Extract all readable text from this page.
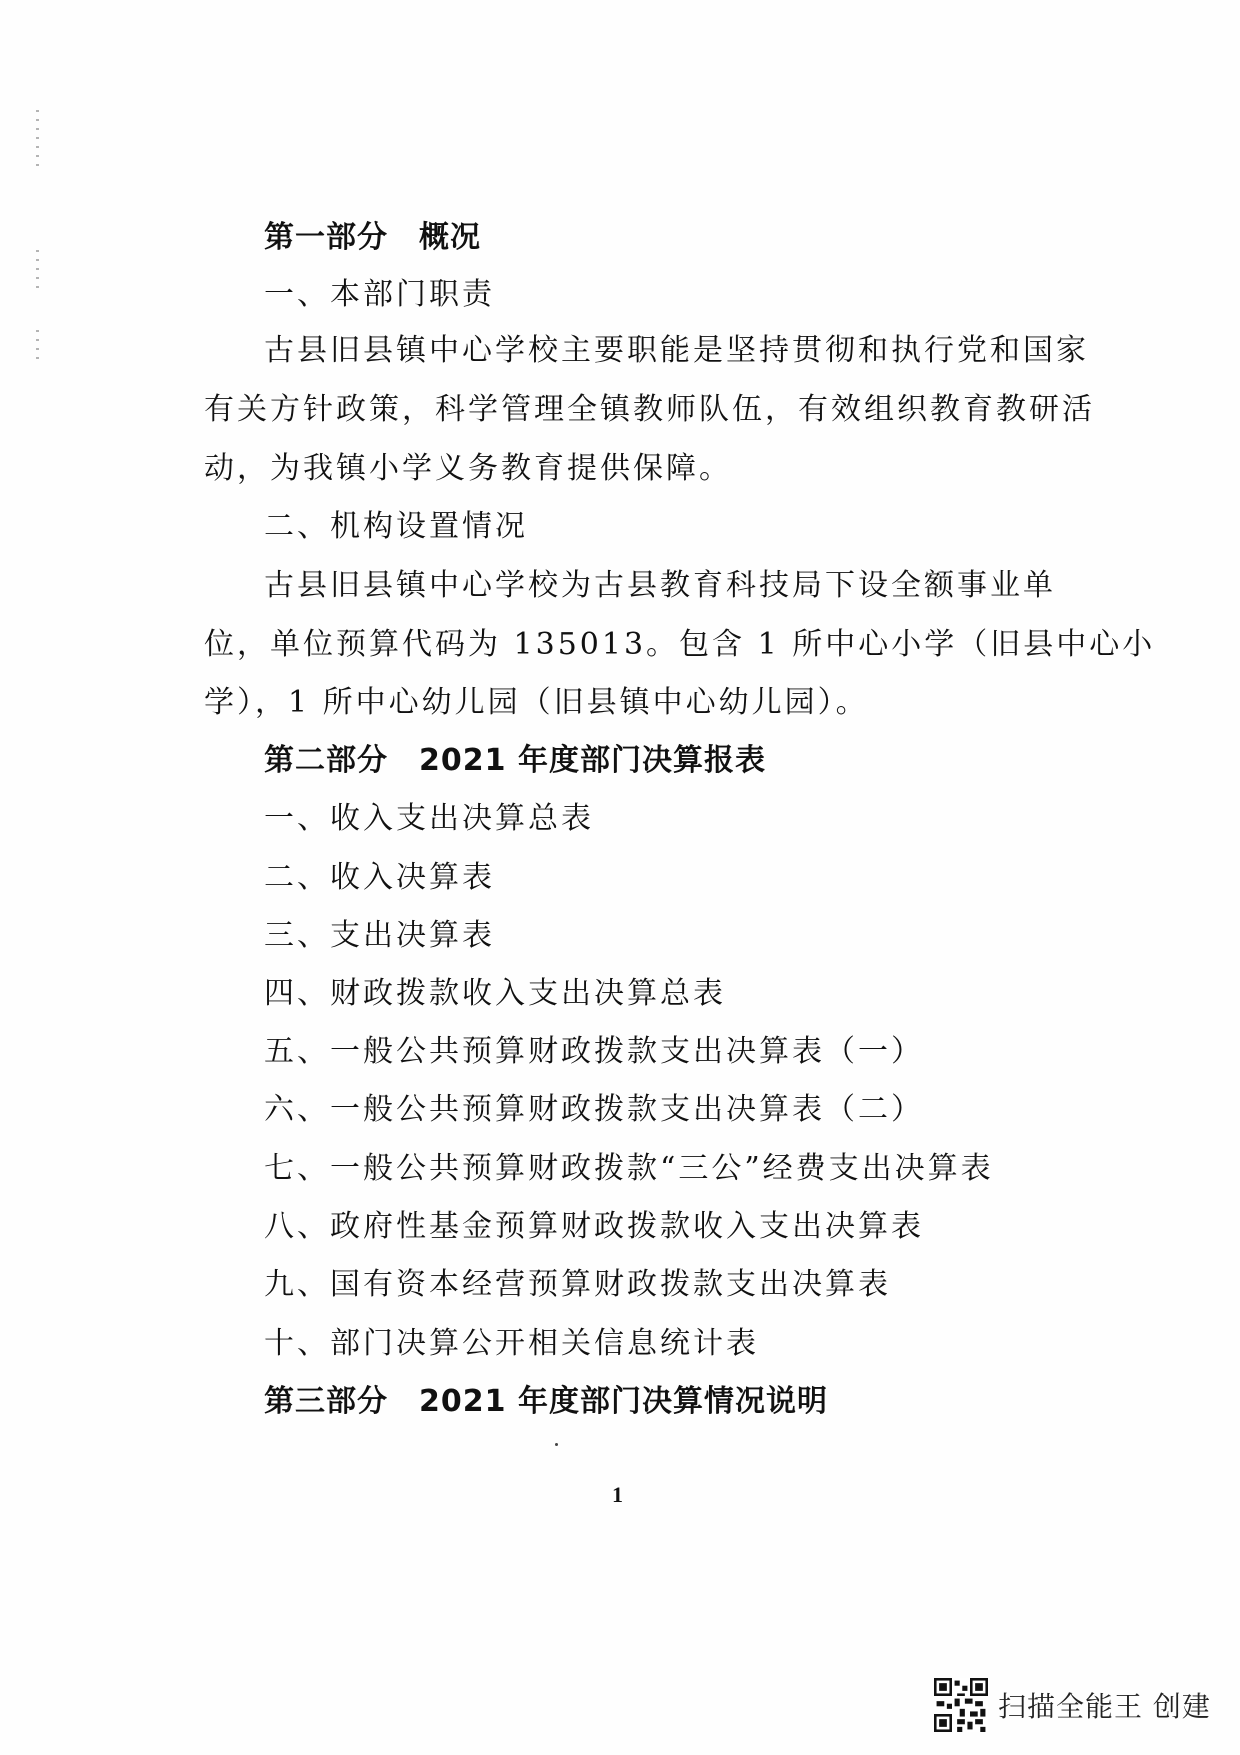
第一部分　概况
一、本部门职责
古县旧县镇中心学校主要职能是坚持贯彻和执行党和国家
有关方针政策，科学管理全镇教师队伍，有效组织教育教研活
动，为我镇小学义务教育提供保障。
二、机构设置情况
古县旧县镇中心学校为古县教育科技局下设全额事业单
位，单位预算代码为 135013。包含 1 所中心小学（旧县中心小
学），1 所中心幼儿园（旧县镇中心幼儿园）。
第二部分　2021 年度部门决算报表
一、收入支出决算总表
二、收入决算表
三、支出决算表
四、财政拨款收入支出决算总表
五、一般公共预算财政拨款支出决算表（一）
六、一般公共预算财政拨款支出决算表（二）
七、一般公共预算财政拨款“三公”经费支出决算表
八、政府性基金预算财政拨款收入支出决算表
九、国有资本经营预算财政拨款支出决算表
十、部门决算公开相关信息统计表
第三部分　2021 年度部门决算情况说明
1
扫描全能王 创建
